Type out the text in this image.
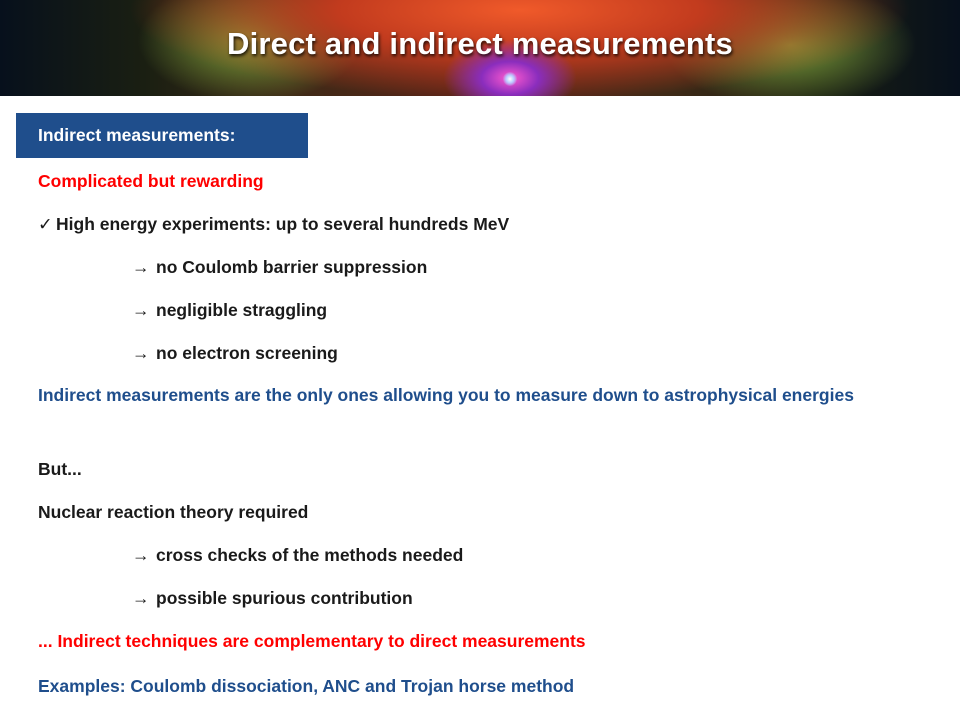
Direct and indirect measurements
Indirect measurements:
Complicated but rewarding
✓ High energy experiments: up to several hundreds MeV
→ no Coulomb barrier suppression
→ negligible straggling
→ no electron screening
Indirect measurements are the only ones allowing you to measure down to astrophysical energies
But...
Nuclear reaction theory required
→ cross checks of the methods needed
→ possible spurious contribution
... Indirect techniques are complementary to direct measurements
Examples: Coulomb dissociation, ANC and Trojan horse method
